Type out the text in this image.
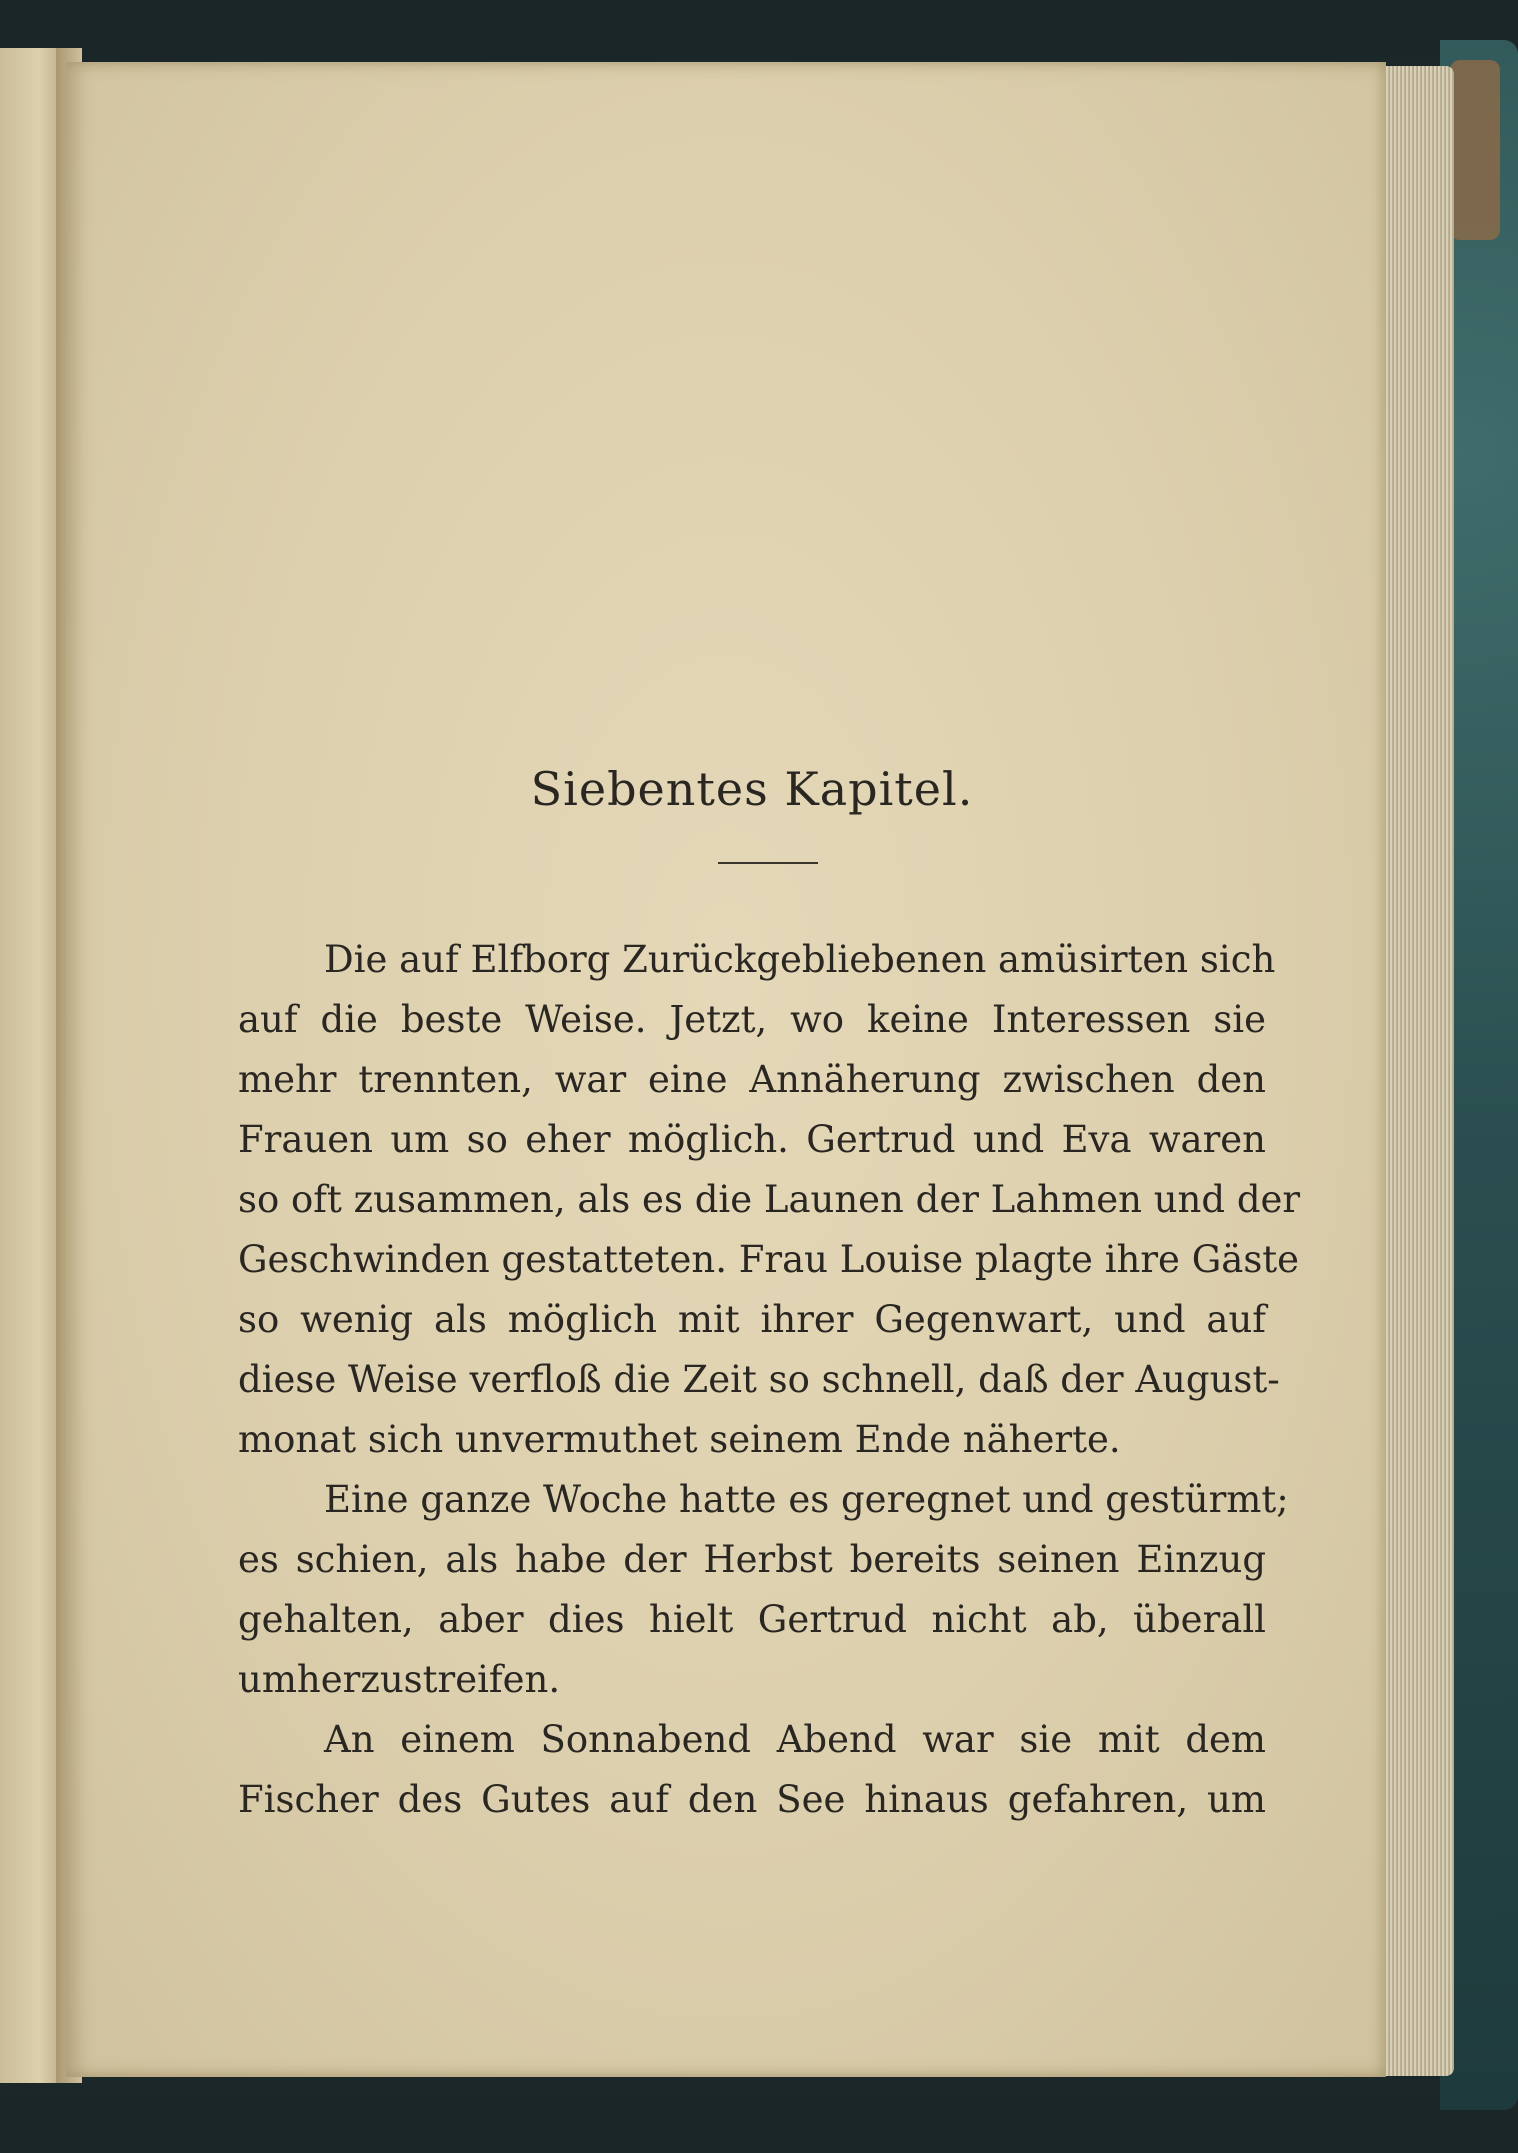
Siebentes Kapitel.
Die auf Elfborg Zurückgebliebenen amüsirten sich
auf die beste Weise. Jetzt, wo keine Interessen sie
mehr trennten, war eine Annäherung zwischen den
Frauen um so eher möglich. Gertrud und Eva waren
so oft zusammen, als es die Launen der Lahmen und der
Geschwinden gestatteten. Frau Louise plagte ihre Gäste
so wenig als möglich mit ihrer Gegenwart, und auf
diese Weise verfloß die Zeit so schnell, daß der August-
monat sich unvermuthet seinem Ende näherte.
Eine ganze Woche hatte es geregnet und gestürmt;
es schien, als habe der Herbst bereits seinen Einzug
gehalten, aber dies hielt Gertrud nicht ab, überall
umherzustreifen.
An einem Sonnabend Abend war sie mit dem
Fischer des Gutes auf den See hinaus gefahren, um
